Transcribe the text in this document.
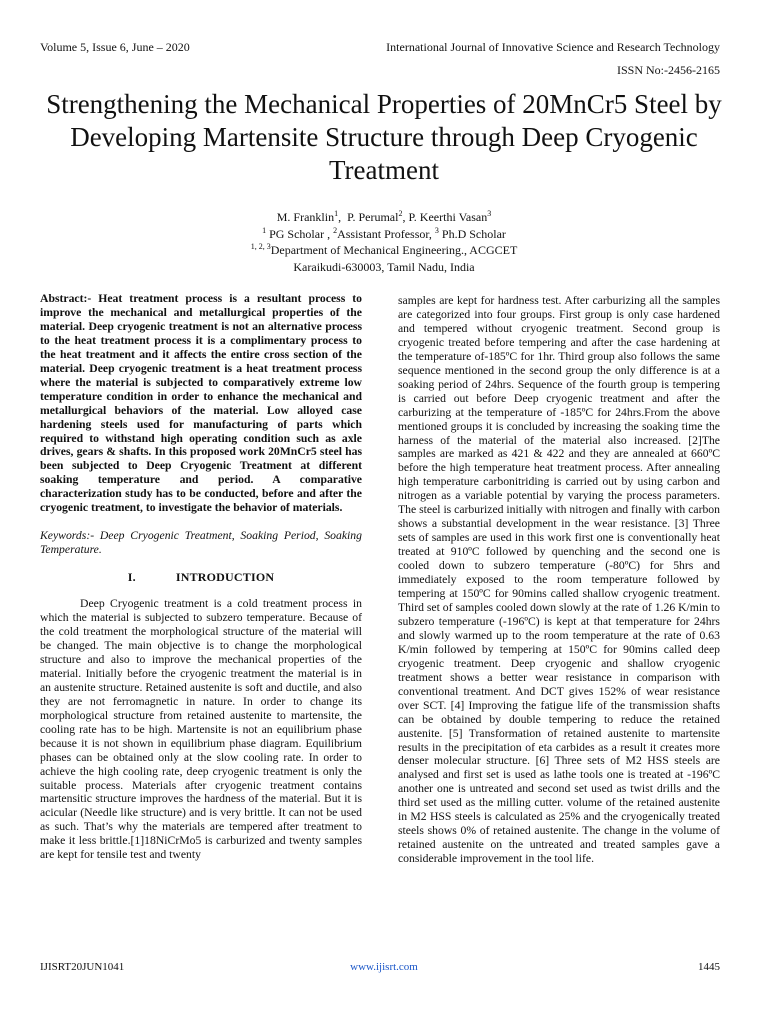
Volume 5, Issue 6, June – 2020	International Journal of Innovative Science and Research Technology
ISSN No:-2456-2165
Strengthening the Mechanical Properties of 20MnCr5 Steel by Developing Martensite Structure through Deep Cryogenic Treatment
M. Franklin$^1$,  P. Perumal$^2$, P. Keerthi Vasan$^3$
$^1$ PG Scholar , $^2$Assistant Professor, $^3$ Ph.D Scholar
$^{1, 2, 3}$Department of Mechanical Engineering., ACGCET
Karaikudi-630003, Tamil Nadu, India

Abstract:- Heat treatment process is a resultant process to improve the mechanical and metallurgical properties of the material. Deep cryogenic treatment is not an alternative process to the heat treatment process it is a complimentary process to the heat treatment and it affects the entire cross section of the material. Deep cryogenic treatment is a heat treatment process where the material is subjected to comparatively extreme low temperature condition in order to enhance the mechanical and metallurgical behaviors of the material. Low alloyed case hardening steels used for manufacturing of parts which required to withstand high operating condition such as axle drives, gears & shafts. In this proposed work 20MnCr5 steel has been subjected to Deep Cryogenic Treatment at different soaking temperature and period. A comparative characterization study has to be conducted, before and after the cryogenic treatment, to investigate the behavior of materials.

Keywords:- Deep Cryogenic Treatment, Soaking Period, Soaking Temperature.

I.	INTRODUCTION

Deep Cryogenic treatment is a cold treatment process in which the material is subjected to subzero temperature. Because of the cold treatment the morphological structure of the material will be changed. The main objective is to change the morphological structure and also to improve the mechanical properties of the material. Initially before the cryogenic treatment the material is in an austenite structure. Retained austenite is soft and ductile, and also they are not ferromagnetic in nature. In order to change its morphological structure from retained austenite to martensite, the cooling rate has to be high. Martensite is not an equilibrium phase because it is not shown in equilibrium phase diagram. Equilibrium phases can be obtained only at the slow cooling rate. In order to achieve the high cooling rate, deep cryogenic treatment is only the suitable process. Materials after cryogenic treatment contains martensitic structure improves the hardness of the material. But it is acicular (Needle like structure) and is very brittle. It can not be used as such. That’s why the materials are tempered after treatment to make it less brittle.[1]18NiCrMo5 is carburized and twenty samples are kept for tensile test and twenty

samples are kept for hardness test. After carburizing all the samples are categorized into four groups. First group is only case hardened and tempered without cryogenic treatment. Second group is cryogenic treated before tempering and after the case hardening at the temperature of-185ºC for 1hr. Third group also follows the same sequence mentioned in the second group the only difference is at a soaking period of 24hrs. Sequence of the fourth group is tempering is carried out before Deep cryogenic treatment and after the carburizing at the temperature of -185ºC for 24hrs.From the above mentioned groups it is concluded by increasing the soaking time the harness of the material of the material also increased. [2]The samples are marked as 421 & 422 and they are annealed at 660ºC before the high temperature heat treatment process. After annealing high temperature carbonitriding is carried out by using carbon and nitrogen as a variable potential by varying the process parameters. The steel is carburized initially with nitrogen and finally with carbon shows a substantial development in the wear resistance. [3] Three sets of samples are used in this work first one is conventionally heat treated at 910ºC followed by quenching and the second one is cooled down to subzero temperature (-80ºC) for 5hrs and immediately exposed to the room temperature followed by tempering at 150ºC for 90mins called shallow cryogenic treatment. Third set of samples cooled down slowly at the rate of 1.26 K/min to subzero temperature (-196ºC) is kept at that temperature for 24hrs and slowly warmed up to the room temperature at the rate of 0.63 K/min followed by tempering at 150ºC for 90mins called deep cryogenic treatment. Deep cryogenic and shallow cryogenic treatment shows a better wear resistance in comparison with conventional treatment. And DCT gives 152% of wear resistance over SCT. [4] Improving the fatigue life of the transmission shafts can be obtained by double tempering to reduce the retained austenite. [5] Transformation of retained austenite to martensite results in the precipitation of eta carbides as a result it creates more denser molecular structure. [6] Three sets of M2 HSS steels are analysed and first set is used as lathe tools one is treated at -196ºC another one is untreated and second set used as twist drills and the third set used as the milling cutter. volume of the retained austenite in M2 HSS steels is calculated as 25% and the cryogenically treated steels shows 0% of retained austenite. The change in the volume of retained austenite on the untreated and treated samples gave a considerable improvement in the tool life.

IJISRT20JUN1041	www.ijisrt.com	1445
